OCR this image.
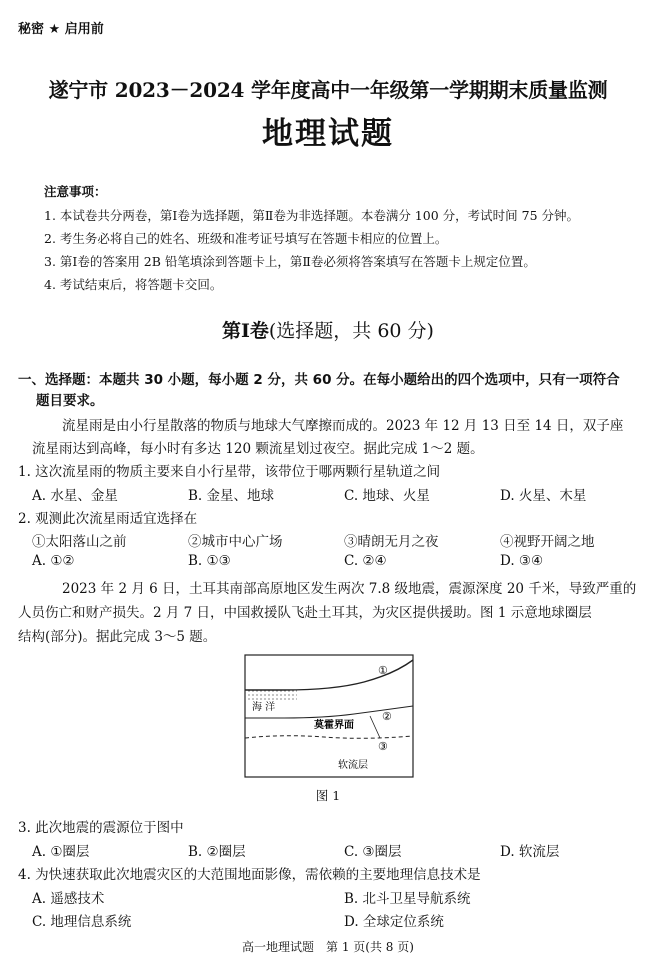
秘密 ★ 启用前
遂宁市 2023－2024 学年度高中一年级第一学期期末质量监测
地理试题
注意事项：
1. 本试卷共分两卷，第Ⅰ卷为选择题，第Ⅱ卷为非选择题。本卷满分 100 分，考试时间 75 分钟。
2. 考生务必将自己的姓名、班级和准考证号填写在答题卡相应的位置上。
3. 第Ⅰ卷的答案用 2B 铅笔填涂到答题卡上，第Ⅱ卷必须将答案填写在答题卡上规定位置。
4. 考试结束后，将答题卡交回。
第Ⅰ卷(选择题，共 60 分)
一、选择题：本题共 30 小题，每小题 2 分，共 60 分。在每小题给出的四个选项中，只有一项符合
题目要求。
流星雨是由小行星散落的物质与地球大气摩擦而成的。2023 年 12 月 13 日至 14 日，双子座
流星雨达到高峰，每小时有多达 120 颗流星划过夜空。据此完成 1～2 题。
1. 这次流星雨的物质主要来自小行星带，该带位于哪两颗行星轨道之间
A. 水星、金星	B. 金星、地球	C. 地球、火星	D. 火星、木星
2. 观测此次流星雨适宜选择在
①太阳落山之前	②城市中心广场	③晴朗无月之夜	④视野开阔之地
A. ①②	B. ①③	C. ②④	D. ③④
2023 年 2 月 6 日，土耳其南部高原地区发生两次 7.8 级地震，震源深度 20 千米，导致严重的
人员伤亡和财产损失。2 月 7 日，中国救援队飞赴土耳其，为灾区提供援助。图 1 示意地球圈层
结构(部分)。据此完成 3～5 题。
海 洋
莫霍界面
软流层
①
②
③
图 1
3. 此次地震的震源位于图中
A. ①圈层	B. ②圈层	C. ③圈层	D. 软流层
4. 为快速获取此次地震灾区的大范围地面影像，需依赖的主要地理信息技术是
A. 遥感技术	B. 北斗卫星导航系统
C. 地理信息系统	D. 全球定位系统
高一地理试题　第 1 页(共 8 页)
